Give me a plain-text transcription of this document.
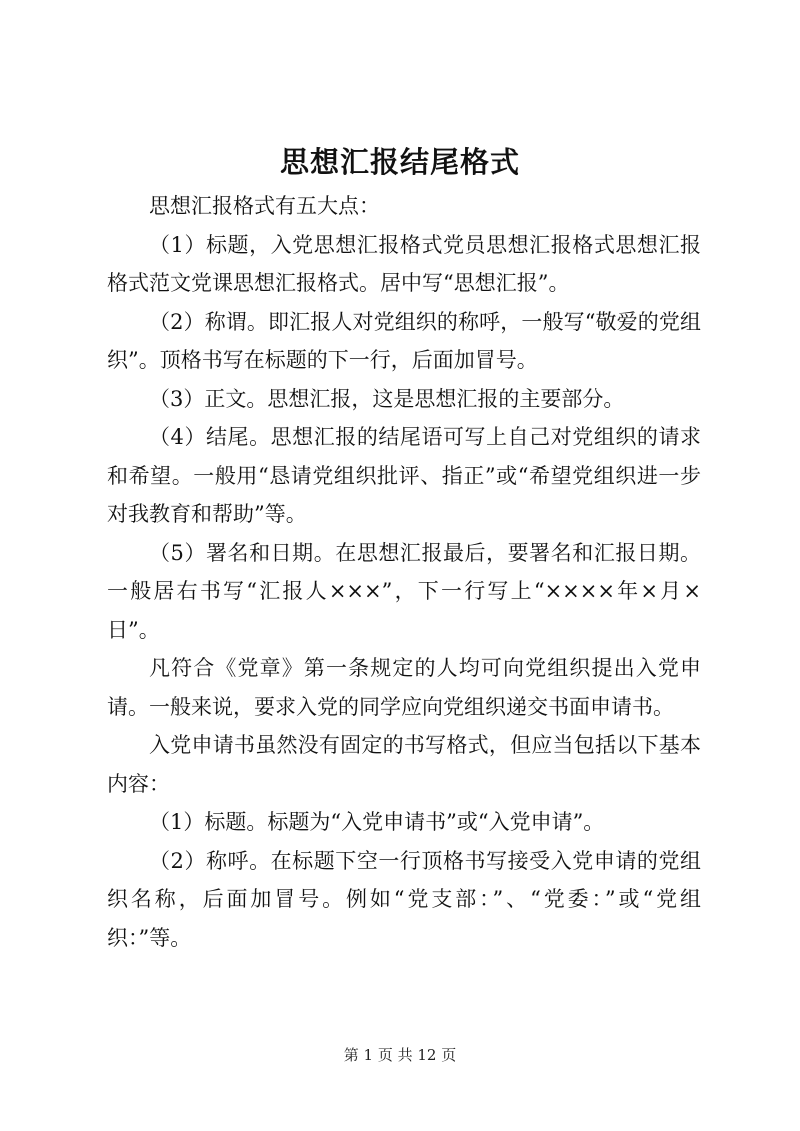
思想汇报结尾格式

思想汇报格式有五大点：

（1）标题，入党思想汇报格式党员思想汇报格式思想汇报格式范文党课思想汇报格式。居中写“思想汇报”。

（2）称谓。即汇报人对党组织的称呼，一般写“敬爱的党组织”。顶格书写在标题的下一行，后面加冒号。

（3）正文。思想汇报，这是思想汇报的主要部分。

（4）结尾。思想汇报的结尾语可写上自己对党组织的请求和希望。一般用“恳请党组织批评、指正”或“希望党组织进一步对我教育和帮助”等。

（5）署名和日期。在思想汇报最后，要署名和汇报日期。一般居右书写“汇报人×××”，下一行写上“××××年×月×日”。

凡符合《党章》第一条规定的人均可向党组织提出入党申请。一般来说，要求入党的同学应向党组织递交书面申请书。

入党申请书虽然没有固定的书写格式，但应当包括以下基本内容：

（1）标题。标题为“入党申请书”或“入党申请”。

（2）称呼。在标题下空一行顶格书写接受入党申请的党组织名称，后面加冒号。例如“党支部：”、“党委：”或“党组织：”等。

第 1 页 共 12 页
